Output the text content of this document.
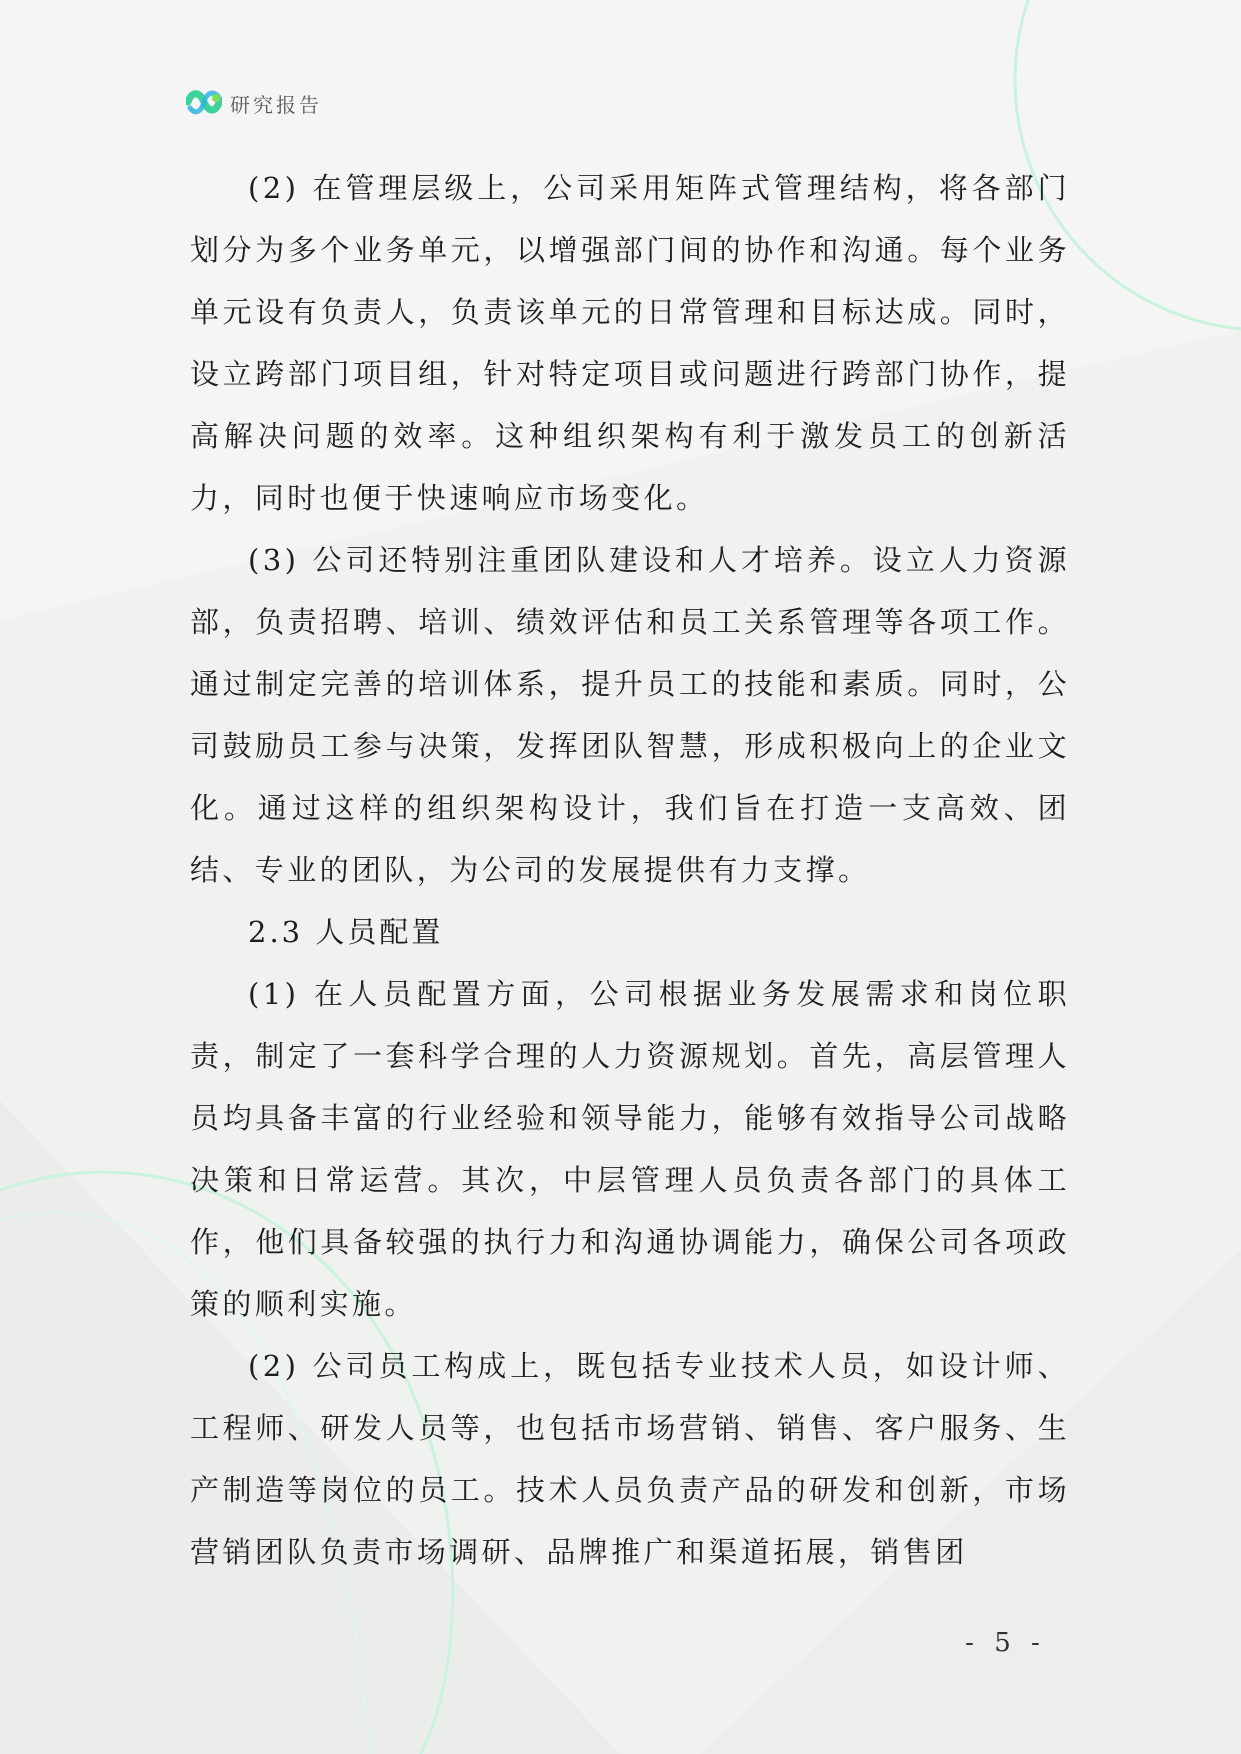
研究报告

(2) 在管理层级上，公司采用矩阵式管理结构，将各部门划分为多个业务单元，以增强部门间的协作和沟通。每个业务单元设有负责人，负责该单元的日常管理和目标达成。同时，设立跨部门项目组，针对特定项目或问题进行跨部门协作，提高解决问题的效率。这种组织架构有利于激发员工的创新活力，同时也便于快速响应市场变化。

(3) 公司还特别注重团队建设和人才培养。设立人力资源部，负责招聘、培训、绩效评估和员工关系管理等各项工作。通过制定完善的培训体系，提升员工的技能和素质。同时，公司鼓励员工参与决策，发挥团队智慧，形成积极向上的企业文化。通过这样的组织架构设计，我们旨在打造一支高效、团结、专业的团队，为公司的发展提供有力支撑。

2.3 人员配置

(1) 在人员配置方面，公司根据业务发展需求和岗位职责，制定了一套科学合理的人力资源规划。首先，高层管理人员均具备丰富的行业经验和领导能力，能够有效指导公司战略决策和日常运营。其次，中层管理人员负责各部门的具体工作，他们具备较强的执行力和沟通协调能力，确保公司各项政策的顺利实施。

(2) 公司员工构成上，既包括专业技术人员，如设计师、工程师、研发人员等，也包括市场营销、销售、客户服务、生产制造等岗位的员工。技术人员负责产品的研发和创新，市场营销团队负责市场调研、品牌推广和渠道拓展，销售团

- 5 -
